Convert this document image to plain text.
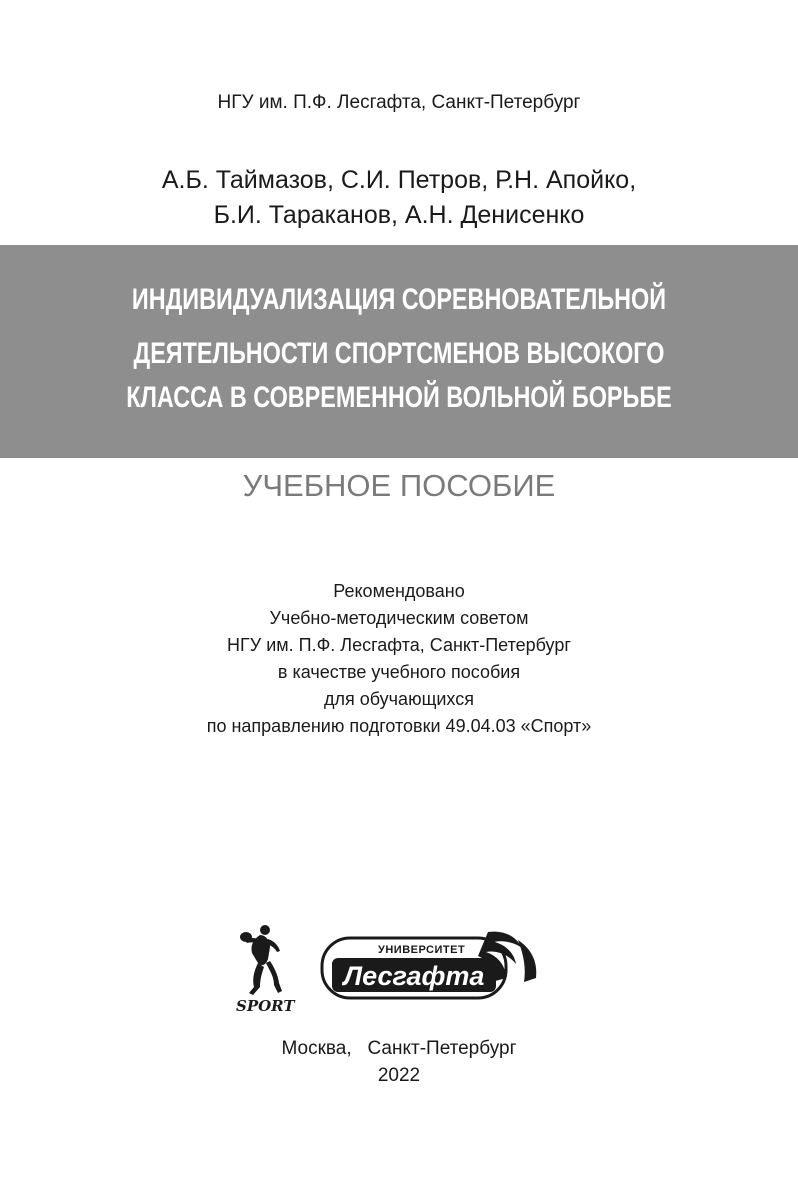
НГУ им. П.Ф. Лесгафта, Санкт-Петербург
А.Б. Таймазов, С.И. Петров, Р.Н. Апойко,
Б.И. Тараканов, А.Н. Денисенко
ИНДИВИДУАЛИЗАЦИЯ СОРЕВНОВАТЕЛЬНОЙ
ДЕЯТЕЛЬНОСТИ СПОРТСМЕНОВ ВЫСОКОГО
КЛАССА В СОВРЕМЕННОЙ ВОЛЬНОЙ БОРЬБЕ
УЧЕБНОЕ ПОСОБИЕ
Рекомендовано
Учебно-методическим советом
НГУ им. П.Ф. Лесгафта, Санкт-Петербург
в качестве учебного пособия
для обучающихся
по направлению подготовки 49.04.03 «Спорт»
SPORT
УНИВЕРСИТЕТ
Лесгафта
Москва,   Санкт-Петербург
2022
